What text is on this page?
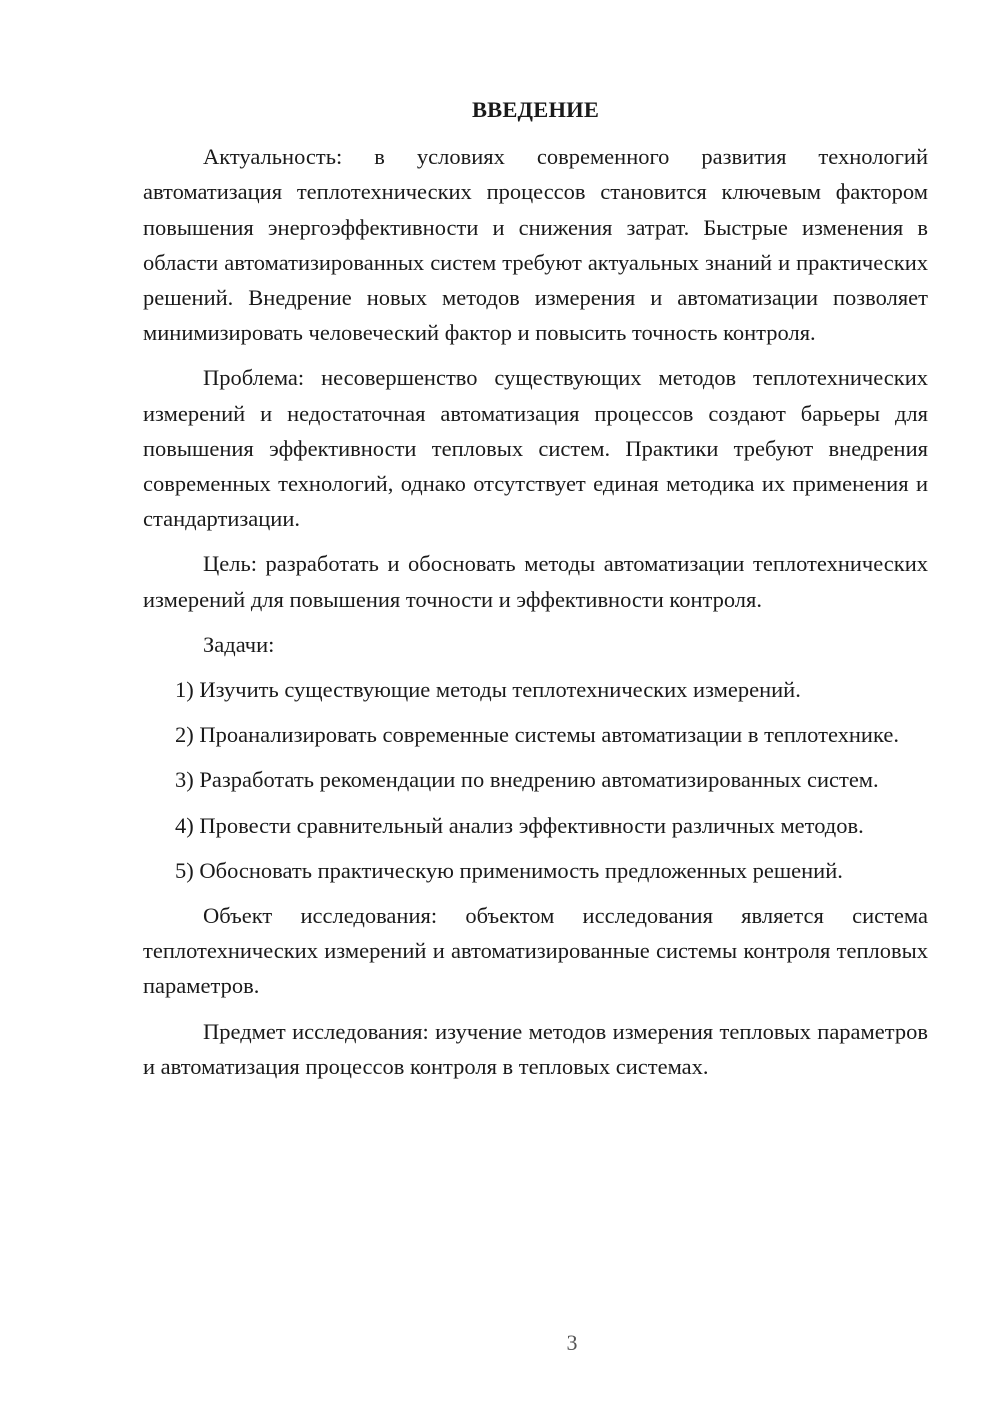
ВВЕДЕНИЕ

Актуальность: в условиях современного развития технологий автоматизация теплотехнических процессов становится ключевым фактором повышения энергоэффективности и снижения затрат. Быстрые изменения в области автоматизированных систем требуют актуальных знаний и практических решений. Внедрение новых методов измерения и автоматизации позволяет минимизировать человеческий фактор и повысить точность контроля.

Проблема: несовершенство существующих методов теплотехнических измерений и недостаточная автоматизация процессов создают барьеры для повышения эффективности тепловых систем. Практики требуют внедрения современных технологий, однако отсутствует единая методика их применения и стандартизации.

Цель: разработать и обосновать методы автоматизации теплотехнических измерений для повышения точности и эффективности контроля.

Задачи:

1) Изучить существующие методы теплотехнических измерений.

2) Проанализировать современные системы автоматизации в теплотехнике.

3) Разработать рекомендации по внедрению автоматизированных систем.

4) Провести сравнительный анализ эффективности различных методов.

5) Обосновать практическую применимость предложенных решений.

Объект исследования: объектом исследования является система теплотехнических измерений и автоматизированные системы контроля тепловых параметров.

Предмет исследования: изучение методов измерения тепловых параметров и автоматизация процессов контроля в тепловых системах.

3
